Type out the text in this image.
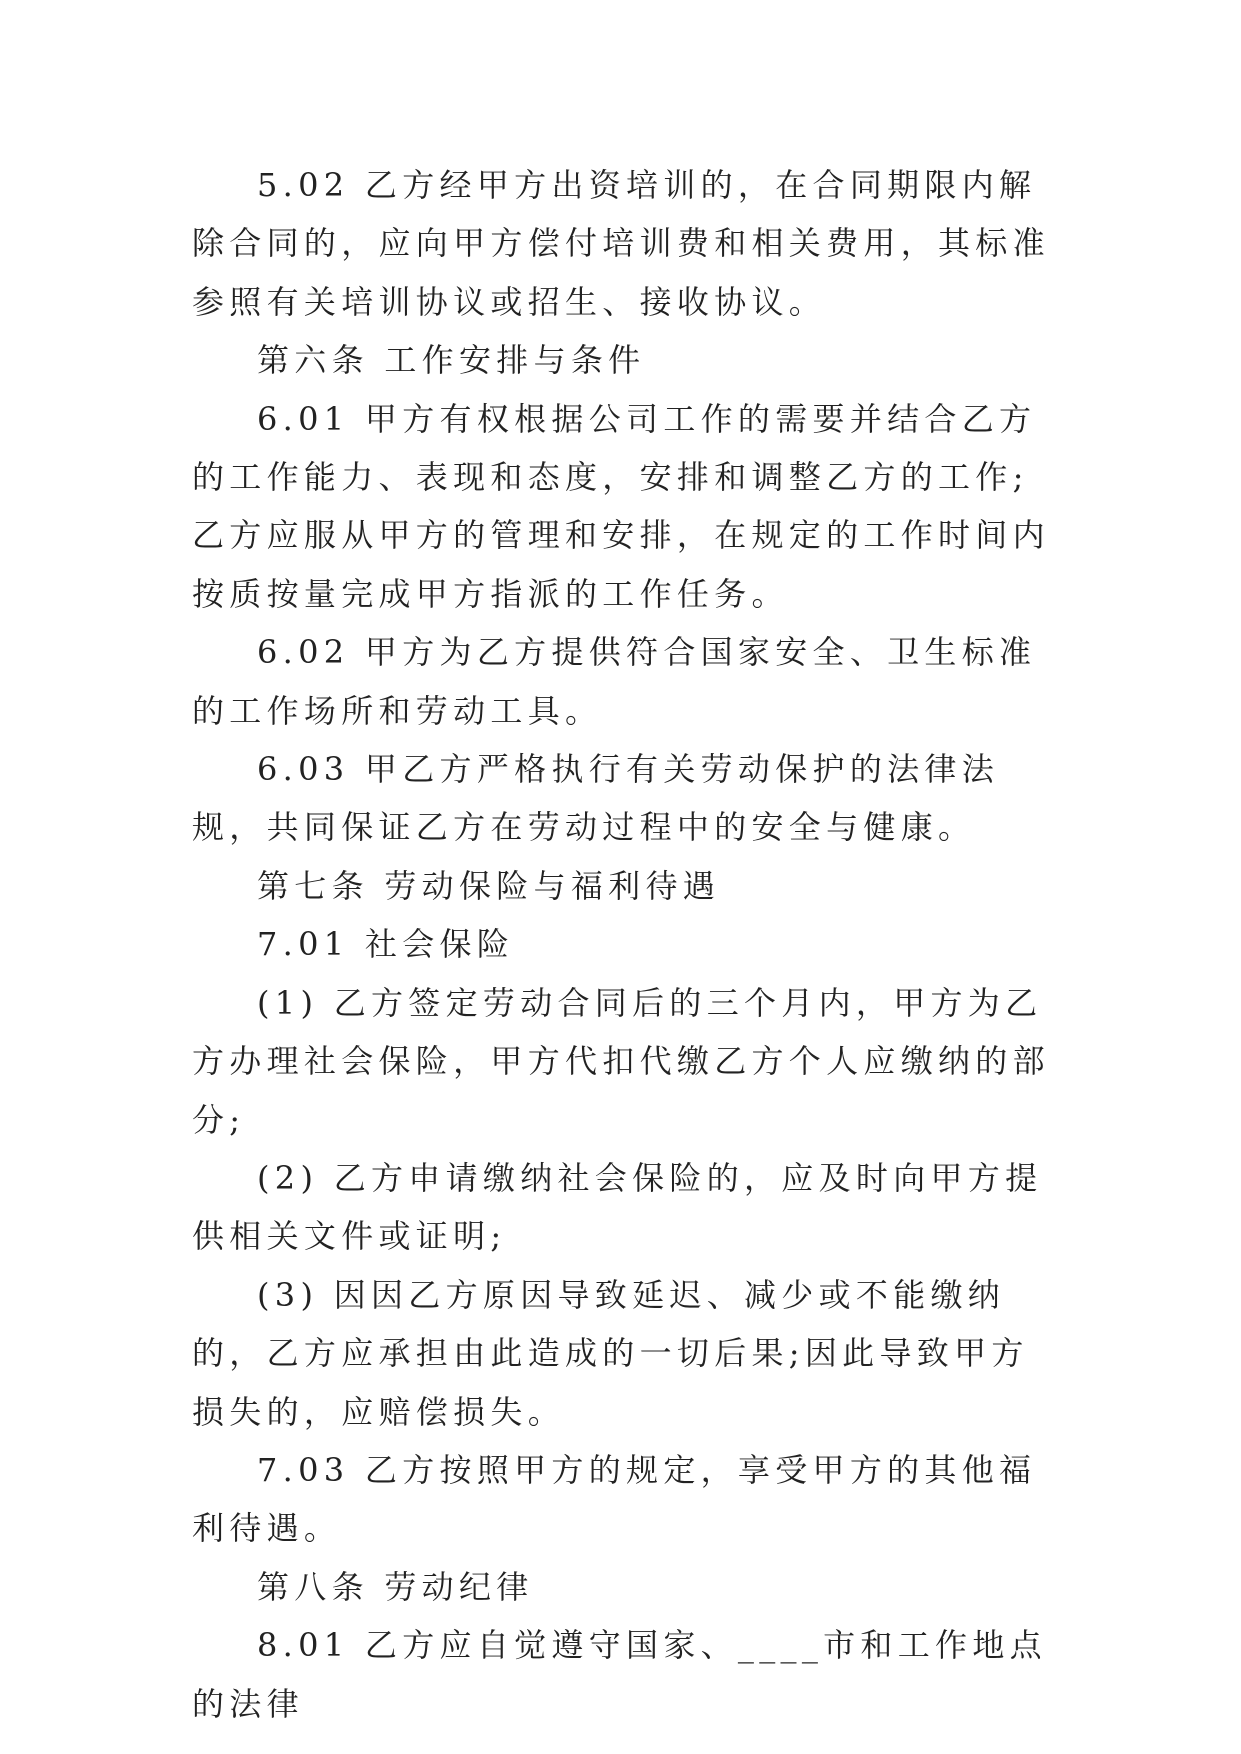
5.02 乙方经甲方出资培训的，在合同期限内解除合同的，应向甲方偿付培训费和相关费用，其标准参照有关培训协议或招生、接收协议。

第六条 工作安排与条件

6.01 甲方有权根据公司工作的需要并结合乙方的工作能力、表现和态度，安排和调整乙方的工作;乙方应服从甲方的管理和安排，在规定的工作时间内按质按量完成甲方指派的工作任务。

6.02 甲方为乙方提供符合国家安全、卫生标准的工作场所和劳动工具。

6.03 甲乙方严格执行有关劳动保护的法律法规，共同保证乙方在劳动过程中的安全与健康。

第七条 劳动保险与福利待遇

7.01 社会保险

(1) 乙方签定劳动合同后的三个月内，甲方为乙方办理社会保险，甲方代扣代缴乙方个人应缴纳的部分;

(2) 乙方申请缴纳社会保险的，应及时向甲方提供相关文件或证明;

(3) 因因乙方原因导致延迟、减少或不能缴纳的，乙方应承担由此造成的一切后果;因此导致甲方损失的，应赔偿损失。

7.03 乙方按照甲方的规定，享受甲方的其他福利待遇。

第八条 劳动纪律

8.01 乙方应自觉遵守国家、____市和工作地点的法律
